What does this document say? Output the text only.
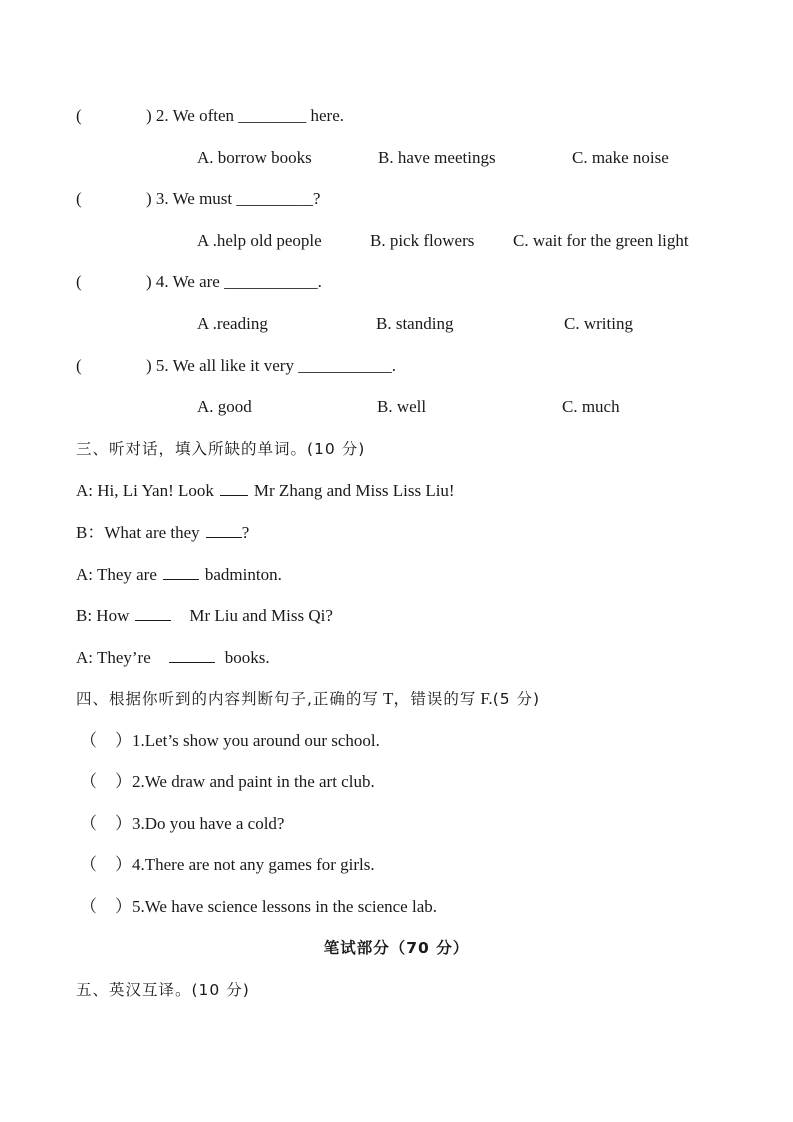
(	) 2. We often ________ here.
A. borrow books	B. have meetings	C. make noise
(	) 3. We must _________?
A .help old people	B. pick flowers C. wait for the green light
(	) 4. We are ___________.
A .reading	B. standing	C. writing
(	) 5. We all like it very ___________.
A. good	B. well	C. much
三、听对话，填入所缺的单词。(10 分)
A: Hi, Li Yan! Look Mr Zhang and Miss Liss Liu!
B：What are they ?
A: They are	badminton.
B: How	Mr Liu and Miss Qi?
A: They’re	books.
四、根据你听到的内容判断句子,正确的写 T，错误的写 F.(5 分)
（ ）1.Let’s show you around our school.
（ ）2.We draw and paint in the art club.
（ ）3.Do you have a cold?
（ ）4.There are not any games for girls.
（ ）5.We have science lessons in the science lab.
笔试部分（70 分）
五、英汉互译。(10 分)
